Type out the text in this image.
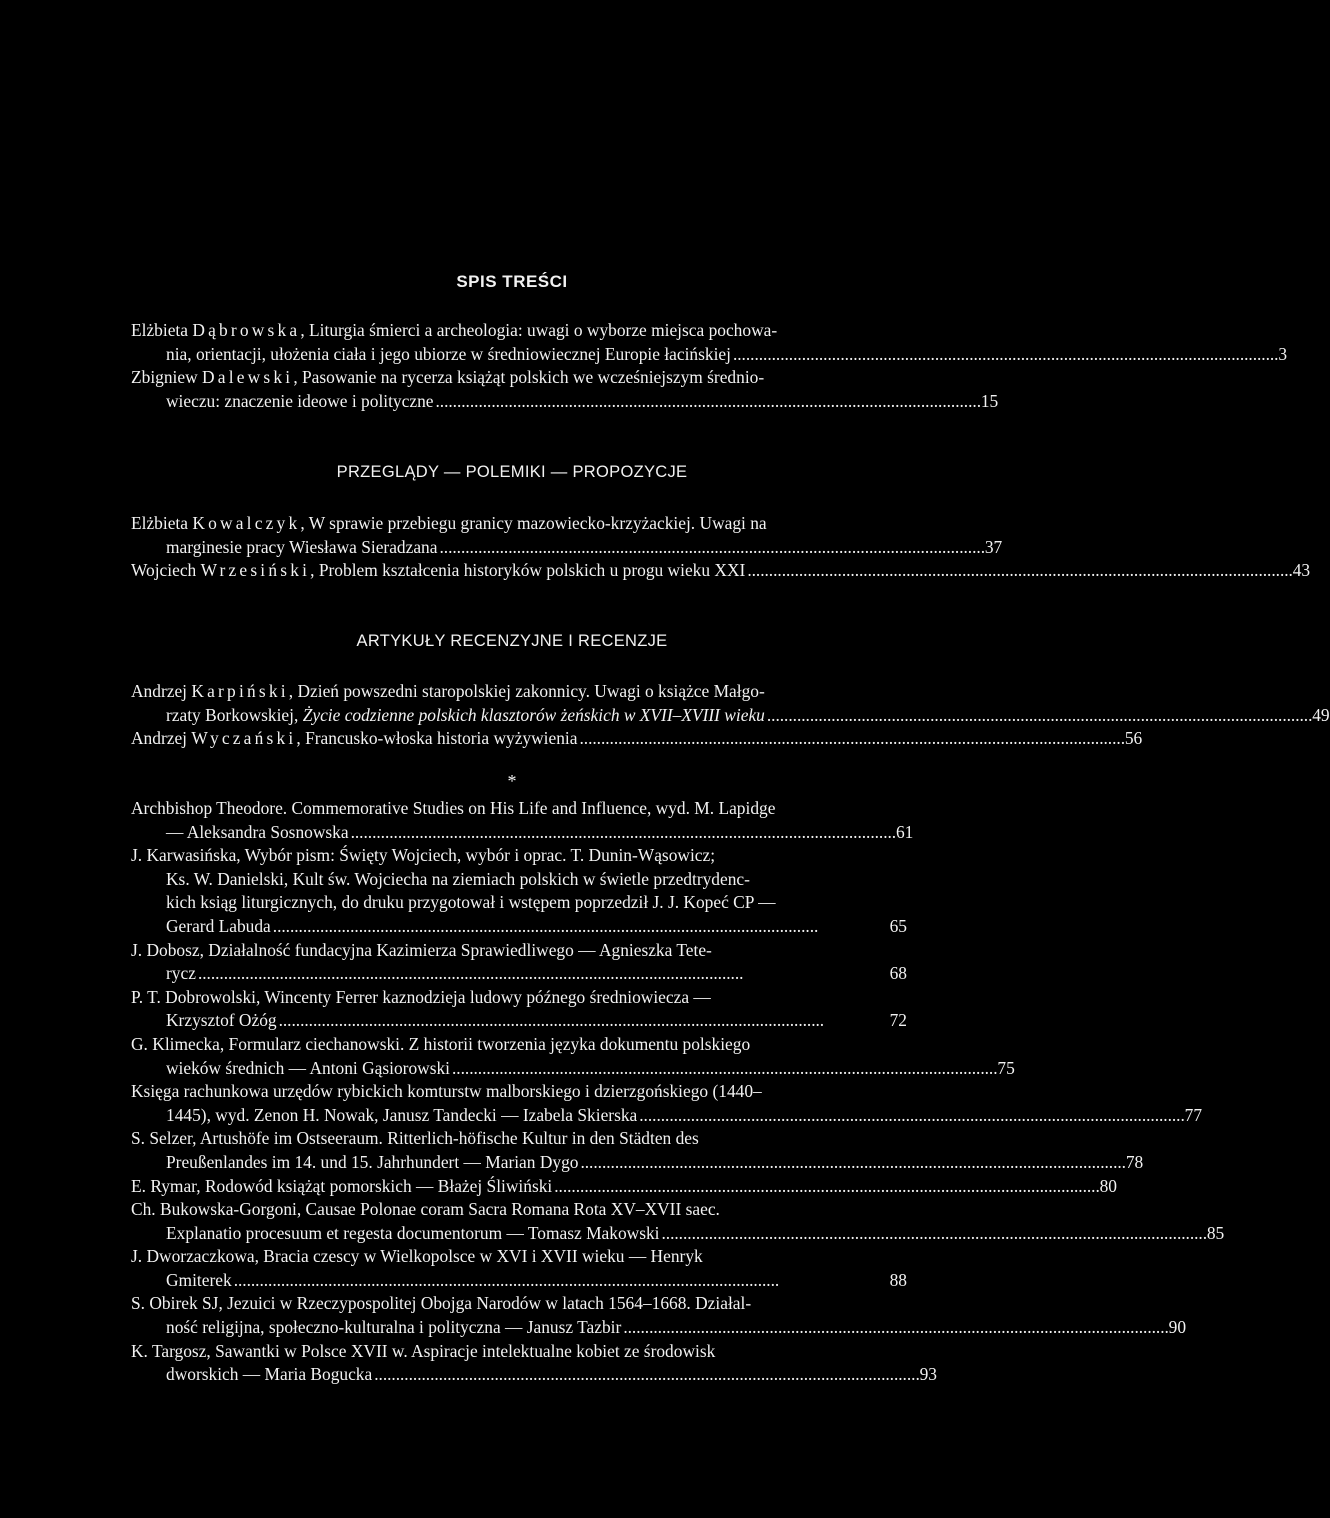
SPIS TREŚCI
Elżbieta Dąbrowska, Liturgia śmierci a archeologia: uwagi o wyborze miejsca pochowa-
nia, orientacji, ułożenia ciała i jego ubiorze w średniowiecznej Europie łacińskiej . . .	3
Zbigniew Dalewski, Pasowanie na rycerza książąt polskich we wcześniejszym średnio-
wieczu: znaczenie ideowe i polityczne . . .	15
PRZEGLĄDY — POLEMIKI — PROPOZYCJE
Elżbieta Kowalczyk, W sprawie przebiegu granicy mazowiecko-krzyżackiej. Uwagi na
marginesie pracy Wiesława Sieradzana . . .	37
Wojciech Wrzesiński, Problem kształcenia historyków polskich u progu wieku XXI . . .	43
ARTYKUŁY RECENZYJNE I RECENZJE
Andrzej Karpiński, Dzień powszedni staropolskiej zakonnicy. Uwagi o książce Małgo-
rzaty Borkowskiej, Życie codzienne polskich klasztorów żeńskich w XVII–XVIII wieku . . .	49
Andrzej Wyczański, Francusko-włoska historia wyżywienia . . .	56
*
Archbishop Theodore. Commemorative Studies on His Life and Influence, wyd. M. Lapidge
— Aleksandra Sosnowska . . .	61
J. Karwasińska, Wybór pism: Święty Wojciech, wybór i oprac. T. Dunin-Wąsowicz;
Ks. W. Danielski, Kult św. Wojciecha na ziemiach polskich w świetle przedtrydenc-
kich ksiąg liturgicznych, do druku przygotował i wstępem poprzedził J. J. Kopeć CP —
Gerard Labuda . . .	65
J. Dobosz, Działalność fundacyjna Kazimierza Sprawiedliwego — Agnieszka Tete-
rycz . . .	68
P. T. Dobrowolski, Wincenty Ferrer kaznodzieja ludowy późnego średniowiecza —
Krzysztof Ożóg . . .	72
G. Klimecka, Formularz ciechanowski. Z historii tworzenia języka dokumentu polskiego
wieków średnich — Antoni Gąsiorowski . . .	75
Księga rachunkowa urzędów rybickich komturstw malborskiego i dzierzgońskiego (1440–
1445), wyd. Zenon H. Nowak, Janusz Tandecki — Izabela Skierska . . .	77
S. Selzer, Artushöfe im Ostseeraum. Ritterlich-höfische Kultur in den Städten des
Preußenlandes im 14. und 15. Jahrhundert — Marian Dygo . . .	78
E. Rymar, Rodowód książąt pomorskich — Błażej Śliwiński . . .	80
Ch. Bukowska-Gorgoni, Causae Polonae coram Sacra Romana Rota XV–XVII saec.
Explanatio procesuum et regesta documentorum — Tomasz Makowski . . .	85
J. Dworzaczkowa, Bracia czescy w Wielkopolsce w XVI i XVII wieku — Henryk
Gmiterek . . .	88
S. Obirek SJ, Jezuici w Rzeczypospolitej Obojga Narodów w latach 1564–1668. Działal-
ność religijna, społeczno-kulturalna i polityczna — Janusz Tazbir . . .	90
K. Targosz, Sawantki w Polsce XVII w. Aspiracje intelektualne kobiet ze środowisk
dworskich — Maria Bogucka . . .	93
